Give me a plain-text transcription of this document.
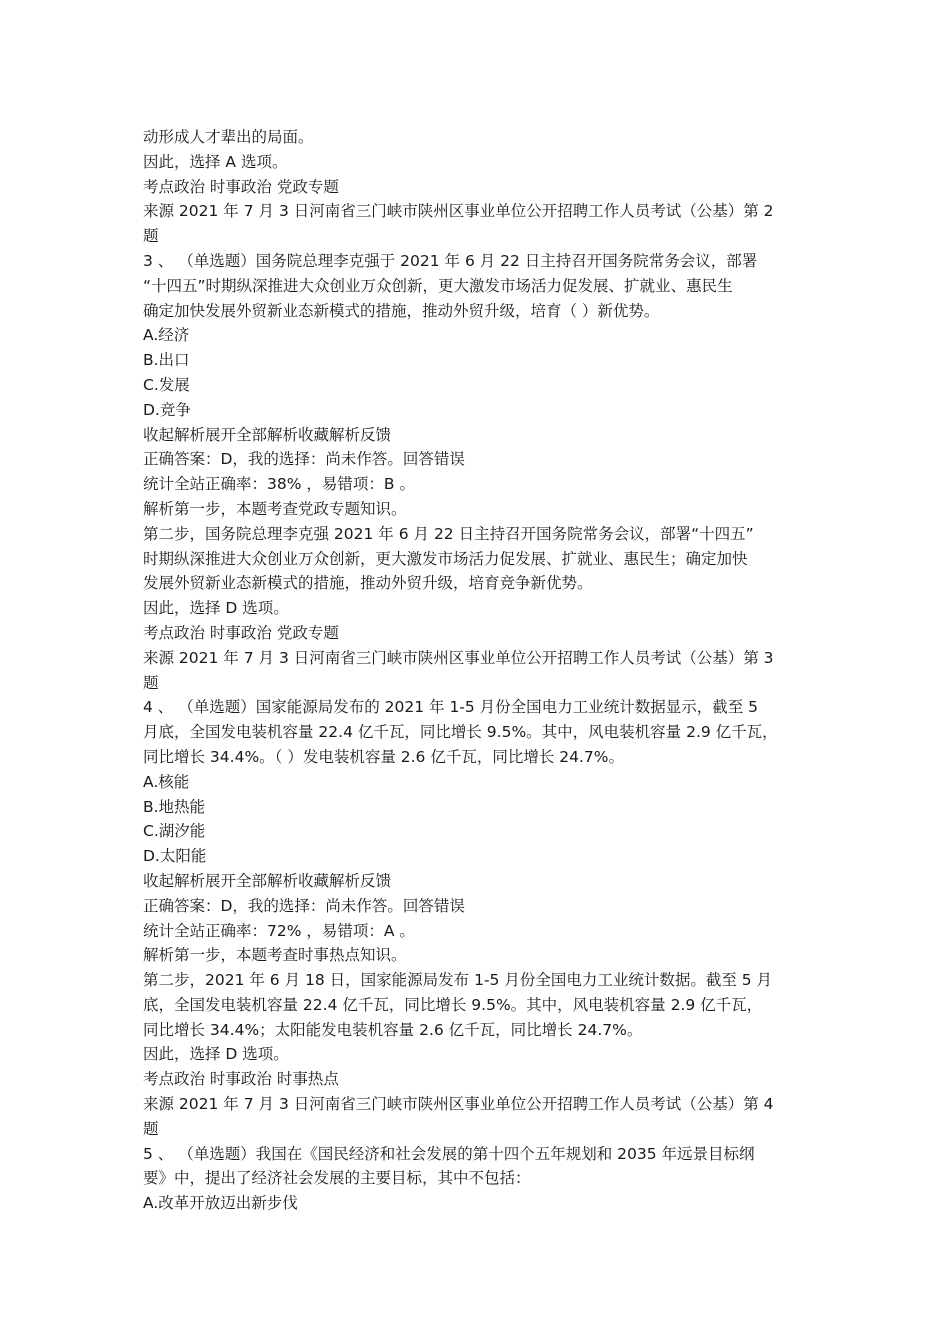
动形成人才辈出的局面。

因此，选择 A 选项。

考点政治 时事政治 党政专题

来源 2021 年 7 月 3 日河南省三门峡市陕州区事业单位公开招聘工作人员考试（公基）第 2

题

3 、 （单选题）国务院总理李克强于 2021 年 6 月 22 日主持召开国务院常务会议，部署

“十四五”时期纵深推进大众创业万众创新，更大激发市场活力促发展、扩就业、惠民生

确定加快发展外贸新业态新模式的措施，推动外贸升级，培育（ ）新优势。

A.经济

B.出口

C.发展

D.竞争

收起解析展开全部解析收藏解析反馈

正确答案：D，我的选择：尚未作答。回答错误

统计全站正确率：38% ，易错项：B 。

解析第一步，本题考查党政专题知识。

第二步，国务院总理李克强 2021 年 6 月 22 日主持召开国务院常务会议，部署“十四五”

时期纵深推进大众创业万众创新，更大激发市场活力促发展、扩就业、惠民生；确定加快

发展外贸新业态新模式的措施，推动外贸升级，培育竞争新优势。

因此，选择 D 选项。

考点政治 时事政治 党政专题

来源 2021 年 7 月 3 日河南省三门峡市陕州区事业单位公开招聘工作人员考试（公基）第 3

题

4 、 （单选题）国家能源局发布的 2021 年 1-5 月份全国电力工业统计数据显示，截至 5

月底，全国发电装机容量 22.4 亿千瓦，同比增长 9.5%。其中，风电装机容量 2.9 亿千瓦，

同比增长 34.4%。（ ）发电装机容量 2.6 亿千瓦，同比增长 24.7%。

A.核能

B.地热能

C.湖汐能

D.太阳能

收起解析展开全部解析收藏解析反馈

正确答案：D，我的选择：尚未作答。回答错误

统计全站正确率：72% ，易错项：A 。

解析第一步，本题考查时事热点知识。

第二步，2021 年 6 月 18 日，国家能源局发布 1-5 月份全国电力工业统计数据。截至 5 月

底，全国发电装机容量 22.4 亿千瓦，同比增长 9.5%。其中，风电装机容量 2.9 亿千瓦，

同比增长 34.4%；太阳能发电装机容量 2.6 亿千瓦，同比增长 24.7%。

因此，选择 D 选项。

考点政治 时事政治 时事热点

来源 2021 年 7 月 3 日河南省三门峡市陕州区事业单位公开招聘工作人员考试（公基）第 4

题

5 、 （单选题）我国在《国民经济和社会发展的第十四个五年规划和 2035 年远景目标纲

要》中，提出了经济社会发展的主要目标，其中不包括：

A.改革开放迈出新步伐
